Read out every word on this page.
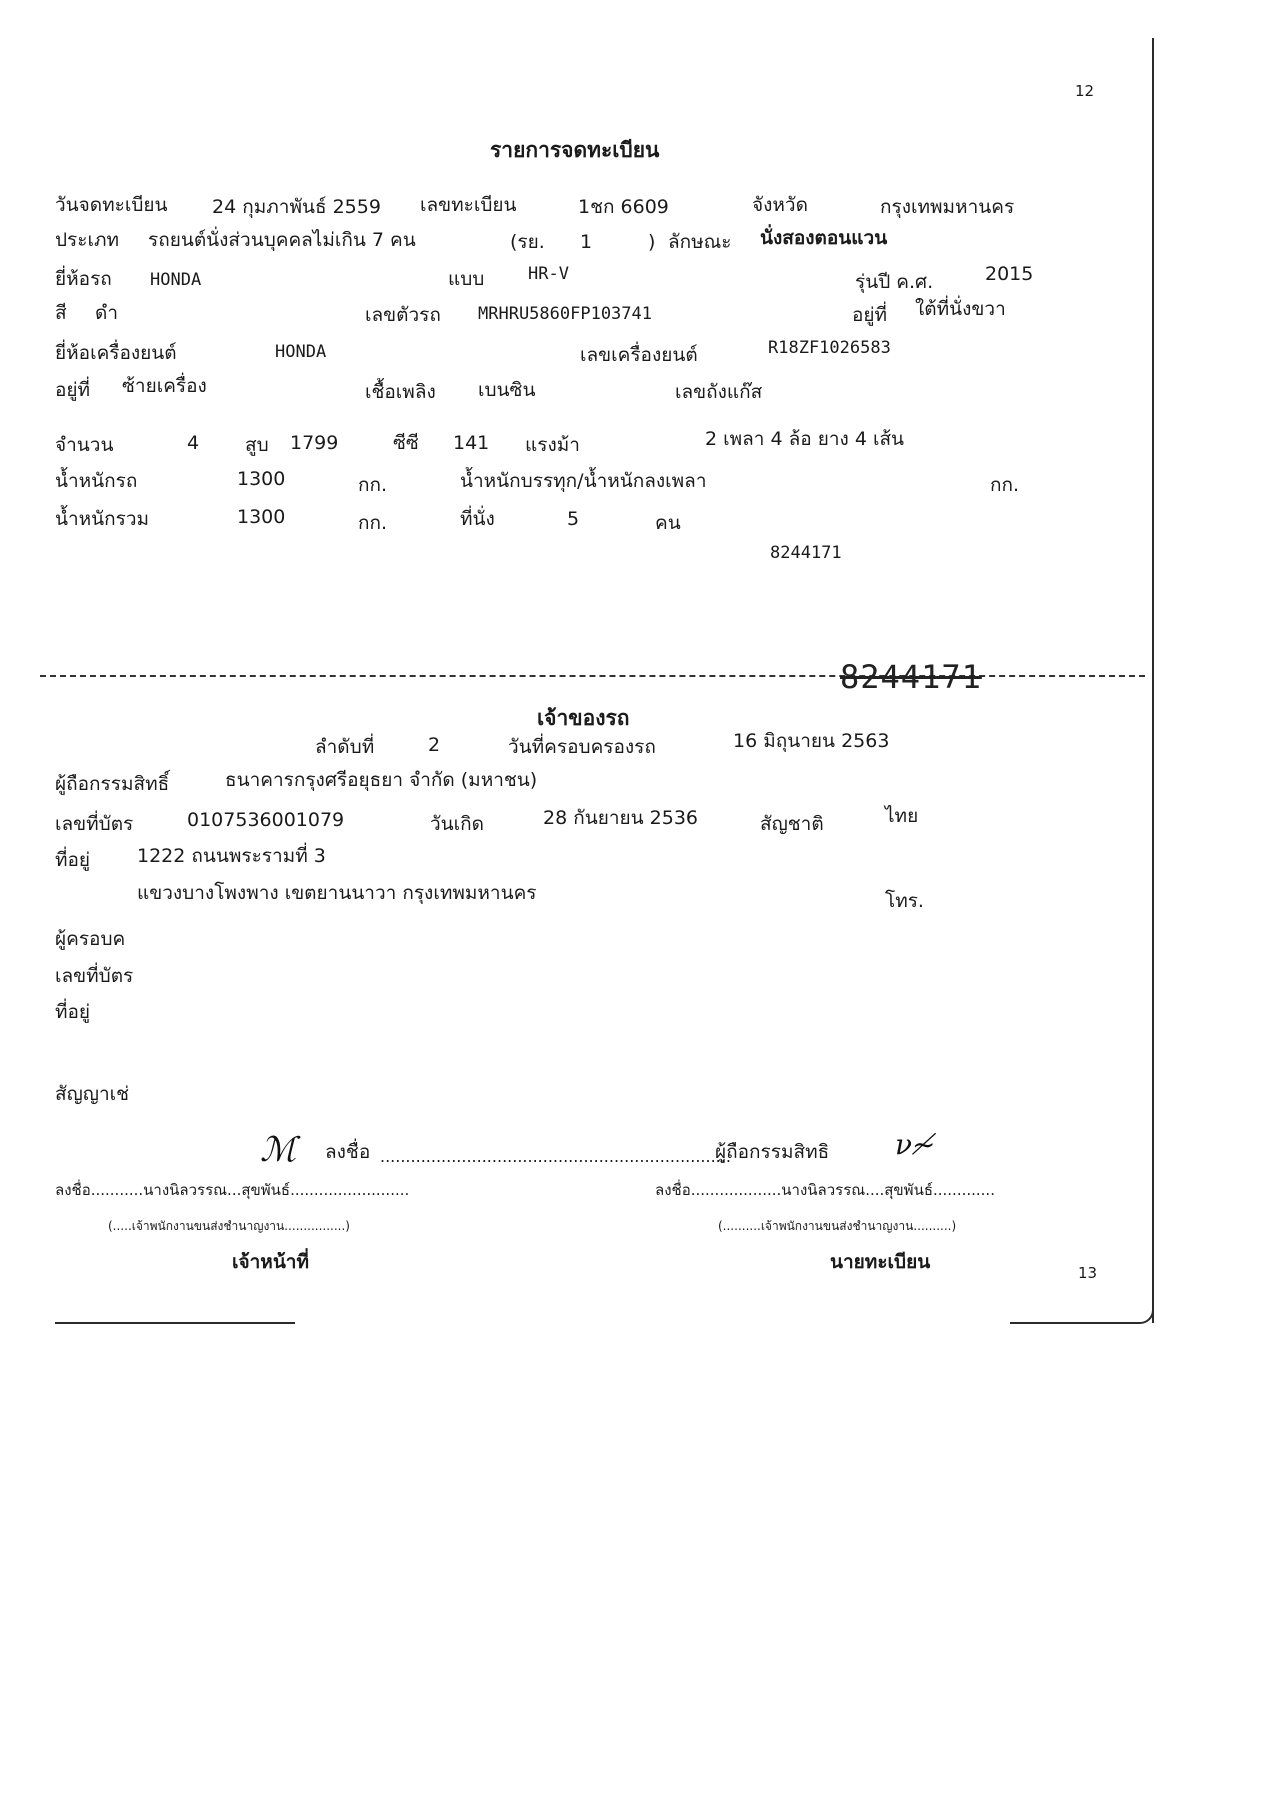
12
13
รายการจดทะเบียน
วันจดทะเบียน 24 กุมภาพันธ์ 2559 เลขทะเบียน	1ชก 6609	จังหวัด	กรุงเทพมหานคร
ประเภท รถยนต์นั่งส่วนบุคคลไม่เกิน 7 คน	(รย. 1	) ลักษณะ นั่งสองตอนแวน
ยี่ห้อรถ HONDA	แบบ	HR-V	รุ่นปี ค.ศ.	2015
สี ดำ	เลขตัวรถ MRHRU5860FP103741	อยู่ที่ ใต้ที่นั่งขวา
ยี่ห้อเครื่องยนต์	HONDA	เลขเครื่องยนต์	R18ZF1026583
อยู่ที่ ซ้ายเครื่อง	เชื้อเพลิง เบนซิน	เลขถังแก๊ส
จำนวน	4 สูบ 1799	ซีซี 141 แรงม้า	2 เพลา 4 ล้อ ยาง 4 เส้น
น้ำหนักรถ	1300	กก.	น้ำหนักบรรทุก/น้ำหนักลงเพลา	กก.
น้ำหนักรวม	1300	กก.	ที่นั่ง	5	คน
8244171
8244171
เจ้าของรถ
ลำดับที่	2	วันที่ครอบครองรถ	16 มิถุนายน 2563
ผู้ถือกรรมสิทธิ์	ธนาคารกรุงศรีอยุธยา จำกัด (มหาชน)
เลขที่บัตร	0107536001079	วันเกิด	28 กันยายน 2536	สัญชาติ	ไทย
ที่อยู่ 1222 ถนนพระรามที่ 3
แขวงบางโพงพาง เขตยานนาวา กรุงเทพมหานคร	โทร.
ผู้ครอบค
เลขที่บัตร
ที่อยู่
สัญญาเช่
ℳ ลงชื่อ .....................................................................
ผู้ถือกรรมสิทธิ ν≁
ลงชื่อ...........นางนิลวรรณ...สุขพันธ์.........................
(.....เจ้าพนักงานขนส่งชำนาญงาน................)
เจ้าหน้าที่
ลงชื่อ...................นางนิลวรรณ....สุขพันธ์.............
(..........เจ้าพนักงานขนส่งชำนาญงาน..........)
นายทะเบียน
